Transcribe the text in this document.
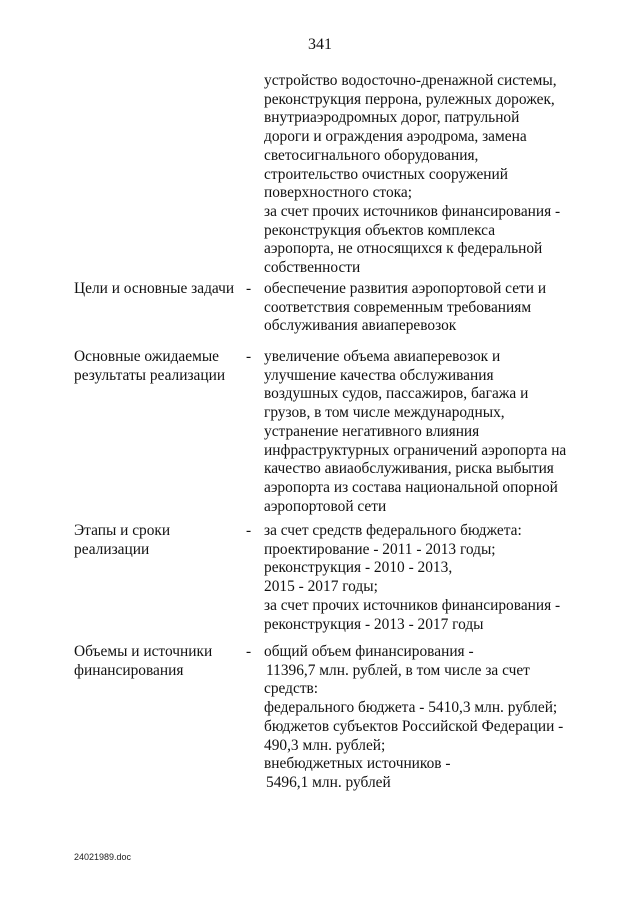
341
устройство водосточно-дренажной системы,
реконструкция перрона, рулежных дорожек,
внутриаэродромных дорог, патрульной
дороги и ограждения аэродрома, замена
светосигнального оборудования,
строительство очистных сооружений
поверхностного стока;
за счет прочих источников финансирования -
реконструкция объектов комплекса
аэропорта, не относящихся к федеральной
собственности
Цели и основные задачи - обеспечение развития аэропортовой сети и
соответствия современным требованиям
обслуживания авиаперевозок
Основные ожидаемые
результаты реализации
- увеличение объема авиаперевозок и
улучшение качества обслуживания
воздушных судов, пассажиров, багажа и
грузов, в том числе международных,
устранение негативного влияния
инфраструктурных ограничений аэропорта на
качество авиаобслуживания, риска выбытия
аэропорта из состава национальной опорной
аэропортовой сети
Этапы и сроки
реализации
- за счет средств федерального бюджета:
проектирование - 2011 - 2013 годы;
реконструкция - 2010 - 2013,
2015 - 2017 годы;
за счет прочих источников финансирования -
реконструкция - 2013 - 2017 годы
Объемы и источники
финансирования
- общий объем финансирования -
11396,7 млн. рублей, в том числе за счет
средств:
федерального бюджета - 5410,3 млн. рублей;
бюджетов субъектов Российской Федерации -
490,3 млн. рублей;
внебюджетных источников -
5496,1 млн. рублей
24021989.doc
